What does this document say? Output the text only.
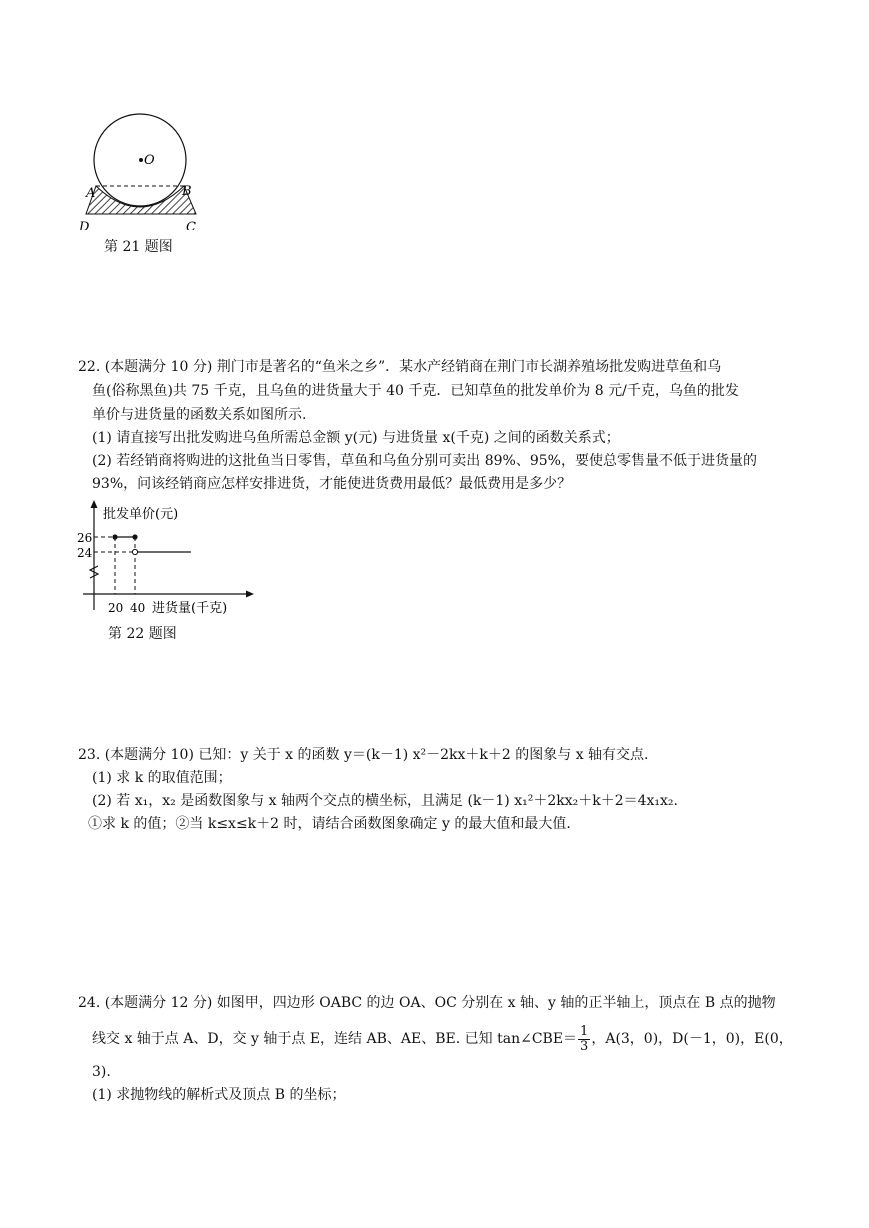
O
A	B
D	C
第 21 题图
22. (本题满分 10 分) 荆门市是著名的“鱼米之乡”．某水产经销商在荆门市长湖养殖场批发购进草鱼和乌
鱼(俗称黑鱼)共 75 千克，且乌鱼的进货量大于 40 千克．已知草鱼的批发单价为 8 元/千克，乌鱼的批发
单价与进货量的函数关系如图所示.
(1) 请直接写出批发购进乌鱼所需总金额 y(元) 与进货量 x(千克) 之间的函数关系式；
(2) 若经销商将购进的这批鱼当日零售，草鱼和乌鱼分别可卖出 89%、95%，要使总零售量不低于进货量的
93%，问该经销商应怎样安排进货，才能使进货费用最低？最低费用是多少？
批发单价(元)
26
24
20 40 进货量(千克)
第 22 题图
23. (本题满分 10) 已知：y 关于 x 的函数 y＝(k－1) x²－2kx＋k＋2 的图象与 x 轴有交点.
(1) 求 k 的取值范围；
(2) 若 x₁，x₂ 是函数图象与 x 轴两个交点的横坐标，且满足 (k－1) x₁²＋2kx₂＋k＋2＝4x₁x₂.
①求 k 的值；②当 k≤x≤k＋2 时，请结合函数图象确定 y 的最大值和最大值.
24. (本题满分 12 分) 如图甲，四边形 OABC 的边 OA、OC 分别在 x 轴、y 轴的正半轴上，顶点在 B 点的抛物
线交 x 轴于点 A、D，交 y 轴于点 E，连结 AB、AE、BE. 已知 tan∠CBE＝ $\frac{1}{3}$ ，A(3，0)，D(－1，0)，E(0，
3).
(1) 求抛物线的解析式及顶点 B 的坐标；
